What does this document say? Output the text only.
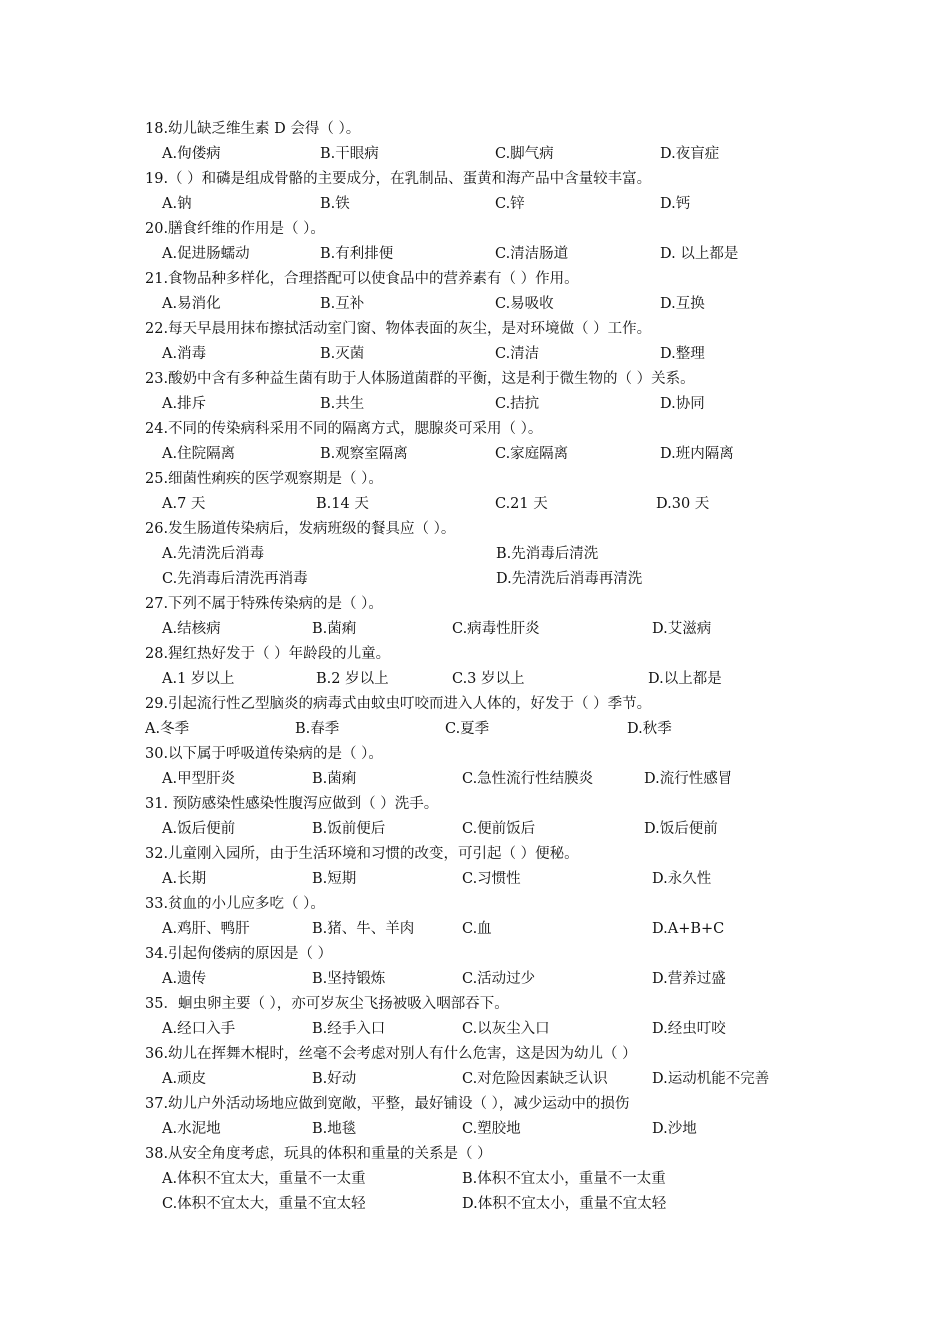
18.幼儿缺乏维生素 D 会得（ ）。
A.佝偻病	B.干眼病	C.脚气病	D.夜盲症
19.（ ）和磷是组成骨骼的主要成分，在乳制品、蛋黄和海产品中含量较丰富。
A.钠	B.铁	C.锌	D.钙
20.膳食纤维的作用是（ ）。
A.促进肠蠕动	B.有利排便	C.清洁肠道	D. 以上都是
21.食物品种多样化，合理搭配可以使食品中的营养素有（ ）作用。
A.易消化	B.互补	C.易吸收	D.互换
22.每天早晨用抹布擦拭活动室门窗、物体表面的灰尘，是对环境做（ ）工作。
A.消毒	B.灭菌	C.清洁	D.整理
23.酸奶中含有多种益生菌有助于人体肠道菌群的平衡，这是利于微生物的（ ）关系。
A.排斥	B.共生	C.拮抗	D.协同
24.不同的传染病科采用不同的隔离方式，腮腺炎可采用（ ）。
A.住院隔离	B.观察室隔离	C.家庭隔离	D.班内隔离
25.细菌性痢疾的医学观察期是（ ）。
A.7 天	B.14 天	C.21 天	D.30 天
26.发生肠道传染病后，发病班级的餐具应（ ）。
A.先清洗后消毒	B.先消毒后清洗
C.先消毒后清洗再消毒	D.先清洗后消毒再清洗
27.下列不属于特殊传染病的是（ ）。
A.结核病	B.菌痢	C.病毒性肝炎	D.艾滋病
28.猩红热好发于（ ）年龄段的儿童。
A.1 岁以上	B.2 岁以上	C.3 岁以上	D.以上都是
29.引起流行性乙型脑炎的病毒式由蚊虫叮咬而进入人体的，好发于（ ）季节。
A.冬季	B.春季	C.夏季	D.秋季
30.以下属于呼吸道传染病的是（ ）。
A.甲型肝炎	B.菌痢	C.急性流行性结膜炎	D.流行性感冒
31. 预防感染性感染性腹泻应做到（ ）洗手。
A.饭后便前	B.饭前便后	C.便前饭后	D.饭后便前
32.儿童刚入园所，由于生活环境和习惯的改变，可引起（ ）便秘。
A.长期	B.短期	C.习惯性	D.永久性
33.贫血的小儿应多吃（ ）。
A.鸡肝、鸭肝	B.猪、牛、羊肉	C.血	D.A+B+C
34.引起佝偻病的原因是（ ）
A.遗传	B.坚持锻炼	C.活动过少	D.营养过盛
35．蛔虫卵主要（ ），亦可岁灰尘飞扬被吸入咽部吞下。
A.经口入手	B.经手入口	C.以灰尘入口	D.经虫叮咬
36.幼儿在挥舞木棍时，丝毫不会考虑对别人有什么危害，这是因为幼儿（ ）
A.顽皮	B.好动	C.对危险因素缺乏认识	D.运动机能不完善
37.幼儿户外活动场地应做到宽敞，平整，最好铺设（ ），减少运动中的损伤
A.水泥地	B.地毯	C.塑胶地	D.沙地
38.从安全角度考虑，玩具的体积和重量的关系是（ ）
A.体积不宜太大，重量不一太重	B.体积不宜太小，重量不一太重
C.体积不宜太大，重量不宜太轻	D.体积不宜太小，重量不宜太轻
